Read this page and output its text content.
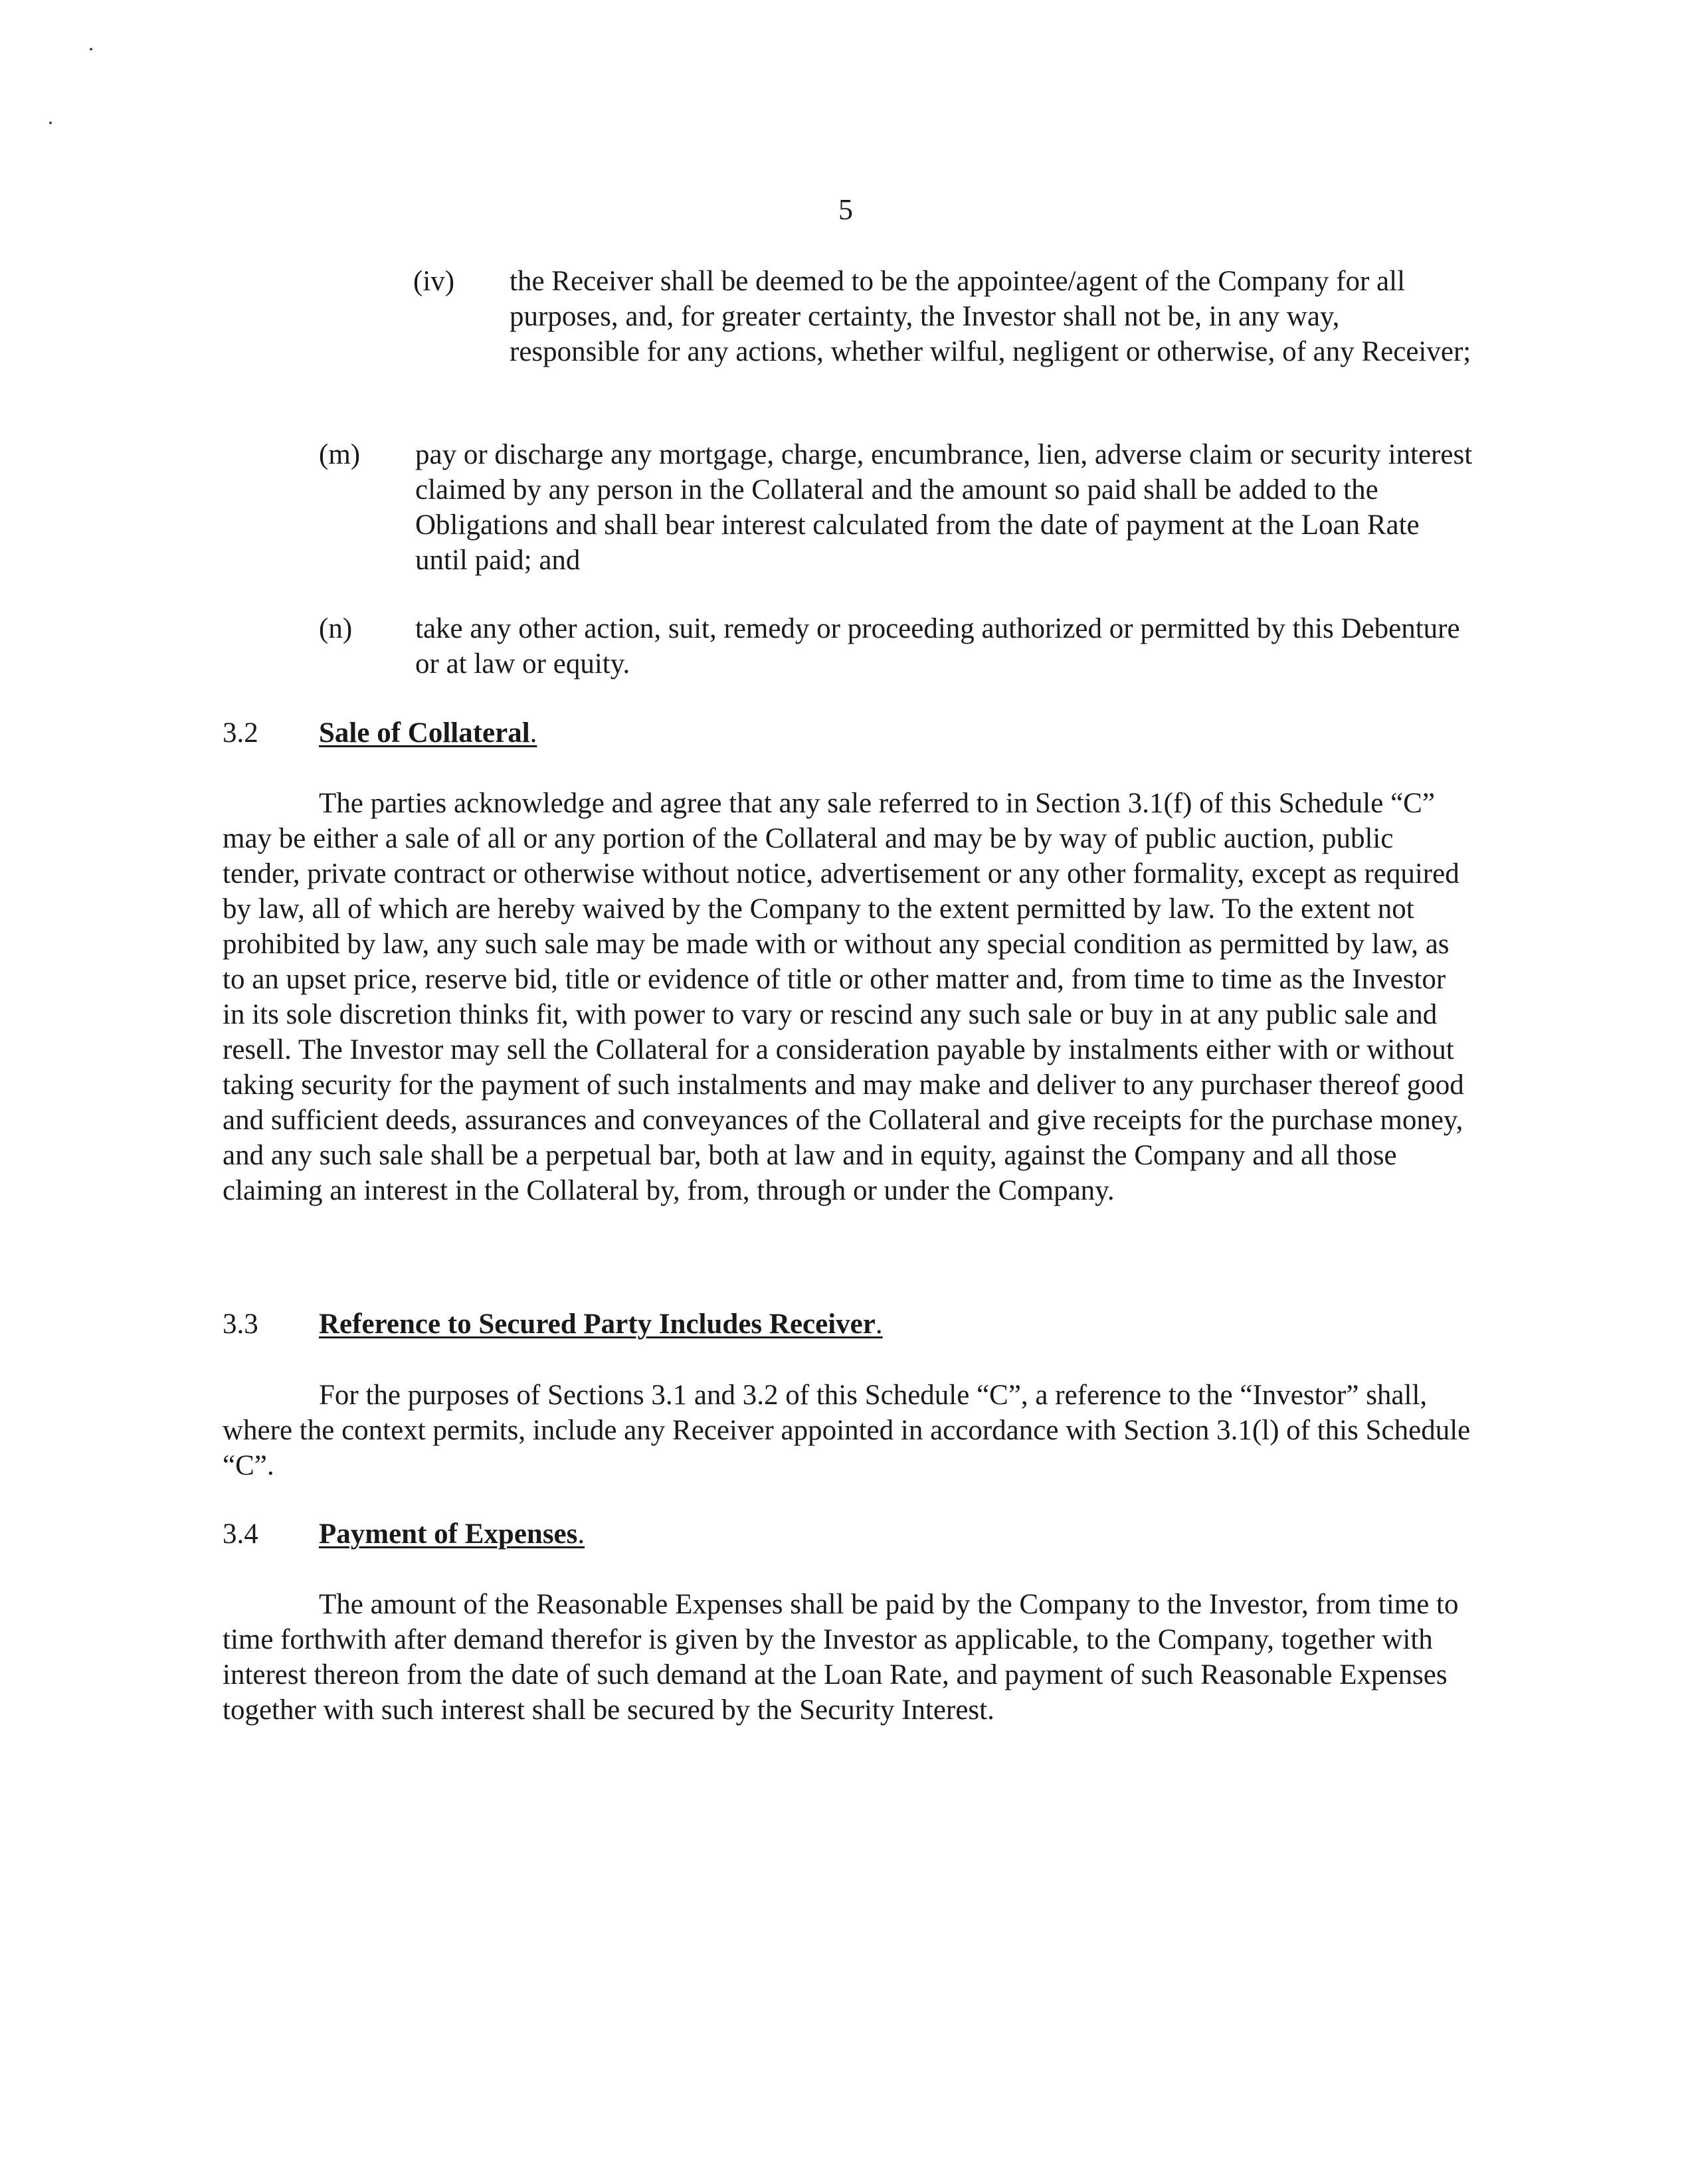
5
(iv) the Receiver shall be deemed to be the appointee/agent of the Company for all purposes, and, for greater certainty, the Investor shall not be, in any way, responsible for any actions, whether wilful, negligent or otherwise, of any Receiver;
(m) pay or discharge any mortgage, charge, encumbrance, lien, adverse claim or security interest claimed by any person in the Collateral and the amount so paid shall be added to the Obligations and shall bear interest calculated from the date of payment at the Loan Rate until paid; and
(n) take any other action, suit, remedy or proceeding authorized or permitted by this Debenture or at law or equity.
3.2 Sale of Collateral.
The parties acknowledge and agree that any sale referred to in Section 3.1(f) of this Schedule “C” may be either a sale of all or any portion of the Collateral and may be by way of public auction, public tender, private contract or otherwise without notice, advertisement or any other formality, except as required by law, all of which are hereby waived by the Company to the extent permitted by law. To the extent not prohibited by law, any such sale may be made with or without any special condition as permitted by law, as to an upset price, reserve bid, title or evidence of title or other matter and, from time to time as the Investor in its sole discretion thinks fit, with power to vary or rescind any such sale or buy in at any public sale and resell. The Investor may sell the Collateral for a consideration payable by instalments either with or without taking security for the payment of such instalments and may make and deliver to any purchaser thereof good and sufficient deeds, assurances and conveyances of the Collateral and give receipts for the purchase money, and any such sale shall be a perpetual bar, both at law and in equity, against the Company and all those claiming an interest in the Collateral by, from, through or under the Company.
3.3 Reference to Secured Party Includes Receiver.
For the purposes of Sections 3.1 and 3.2 of this Schedule “C”, a reference to the “Investor” shall, where the context permits, include any Receiver appointed in accordance with Section 3.1(l) of this Schedule “C”.
3.4 Payment of Expenses.
The amount of the Reasonable Expenses shall be paid by the Company to the Investor, from time to time forthwith after demand therefor is given by the Investor as applicable, to the Company, together with interest thereon from the date of such demand at the Loan Rate, and payment of such Reasonable Expenses together with such interest shall be secured by the Security Interest.
